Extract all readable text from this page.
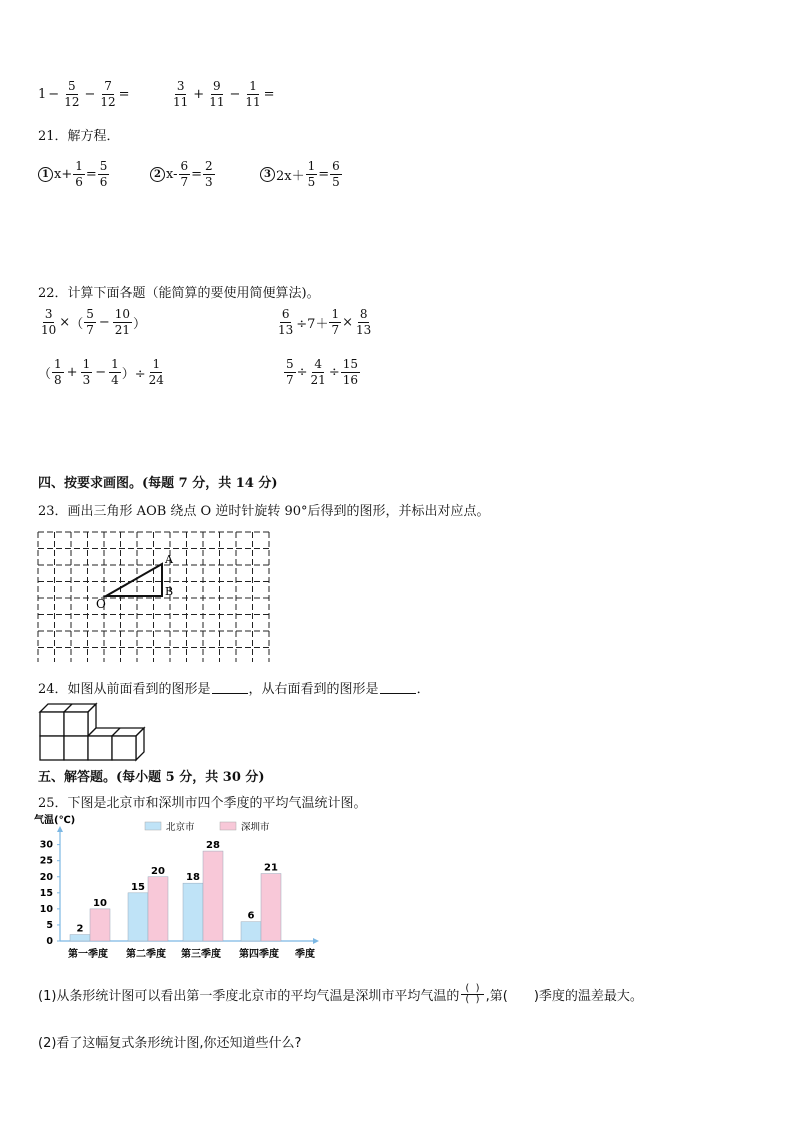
$1 - \frac{5}{12} - \frac{7}{12}$ =	$\frac{3}{11} + \frac{9}{11} - \frac{1}{11}$ =
21．解方程．
1 $x+ \frac{1}{6} = \frac{5}{6}$	2 $x- \frac{6}{7} = \frac{2}{3}$	3 $2x+ \frac{1}{5} = \frac{6}{5}$
22．计算下面各题（能简算的要使用简便算法)。
$\frac{3}{10}$ × （ $\frac{5}{7} - \frac{10}{21}$ ）	$\frac{6}{13} \div 7+ \frac{1}{7} \times \frac{8}{13}$
（ $\frac{1}{8} + \frac{1}{3} - \frac{1}{4}$ ）÷ $\frac{1}{24}$	$\frac{5}{7} \div \frac{4}{21} \div \frac{15}{16}$
四、按要求画图。(每题 7 分，共 14 分)
23．画出三角形 AOB 绕点 O 逆时针旋转 90°后得到的图形，并标出对应点。
A
B
O
24．如图从前面看到的图形是	，从右面看到的图形是	．
五、解答题。(每小题 5 分，共 30 分)
25．下图是北京市和深圳市四个季度的平均气温统计图。
气温(℃)
0
5
10
15
20
25
30
北京市	深圳市
2
10
第一季度
15
20
第二季度
18
28
第三季度
6
21
第四季度 季度
(1)从条形统计图可以看出第一季度北京市的平均气温是深圳市平均气温的 $\frac{( )}{( )}$ ,第( )季度的温差最大。
(2)看了这幅复式条形统计图,你还知道些什么?
